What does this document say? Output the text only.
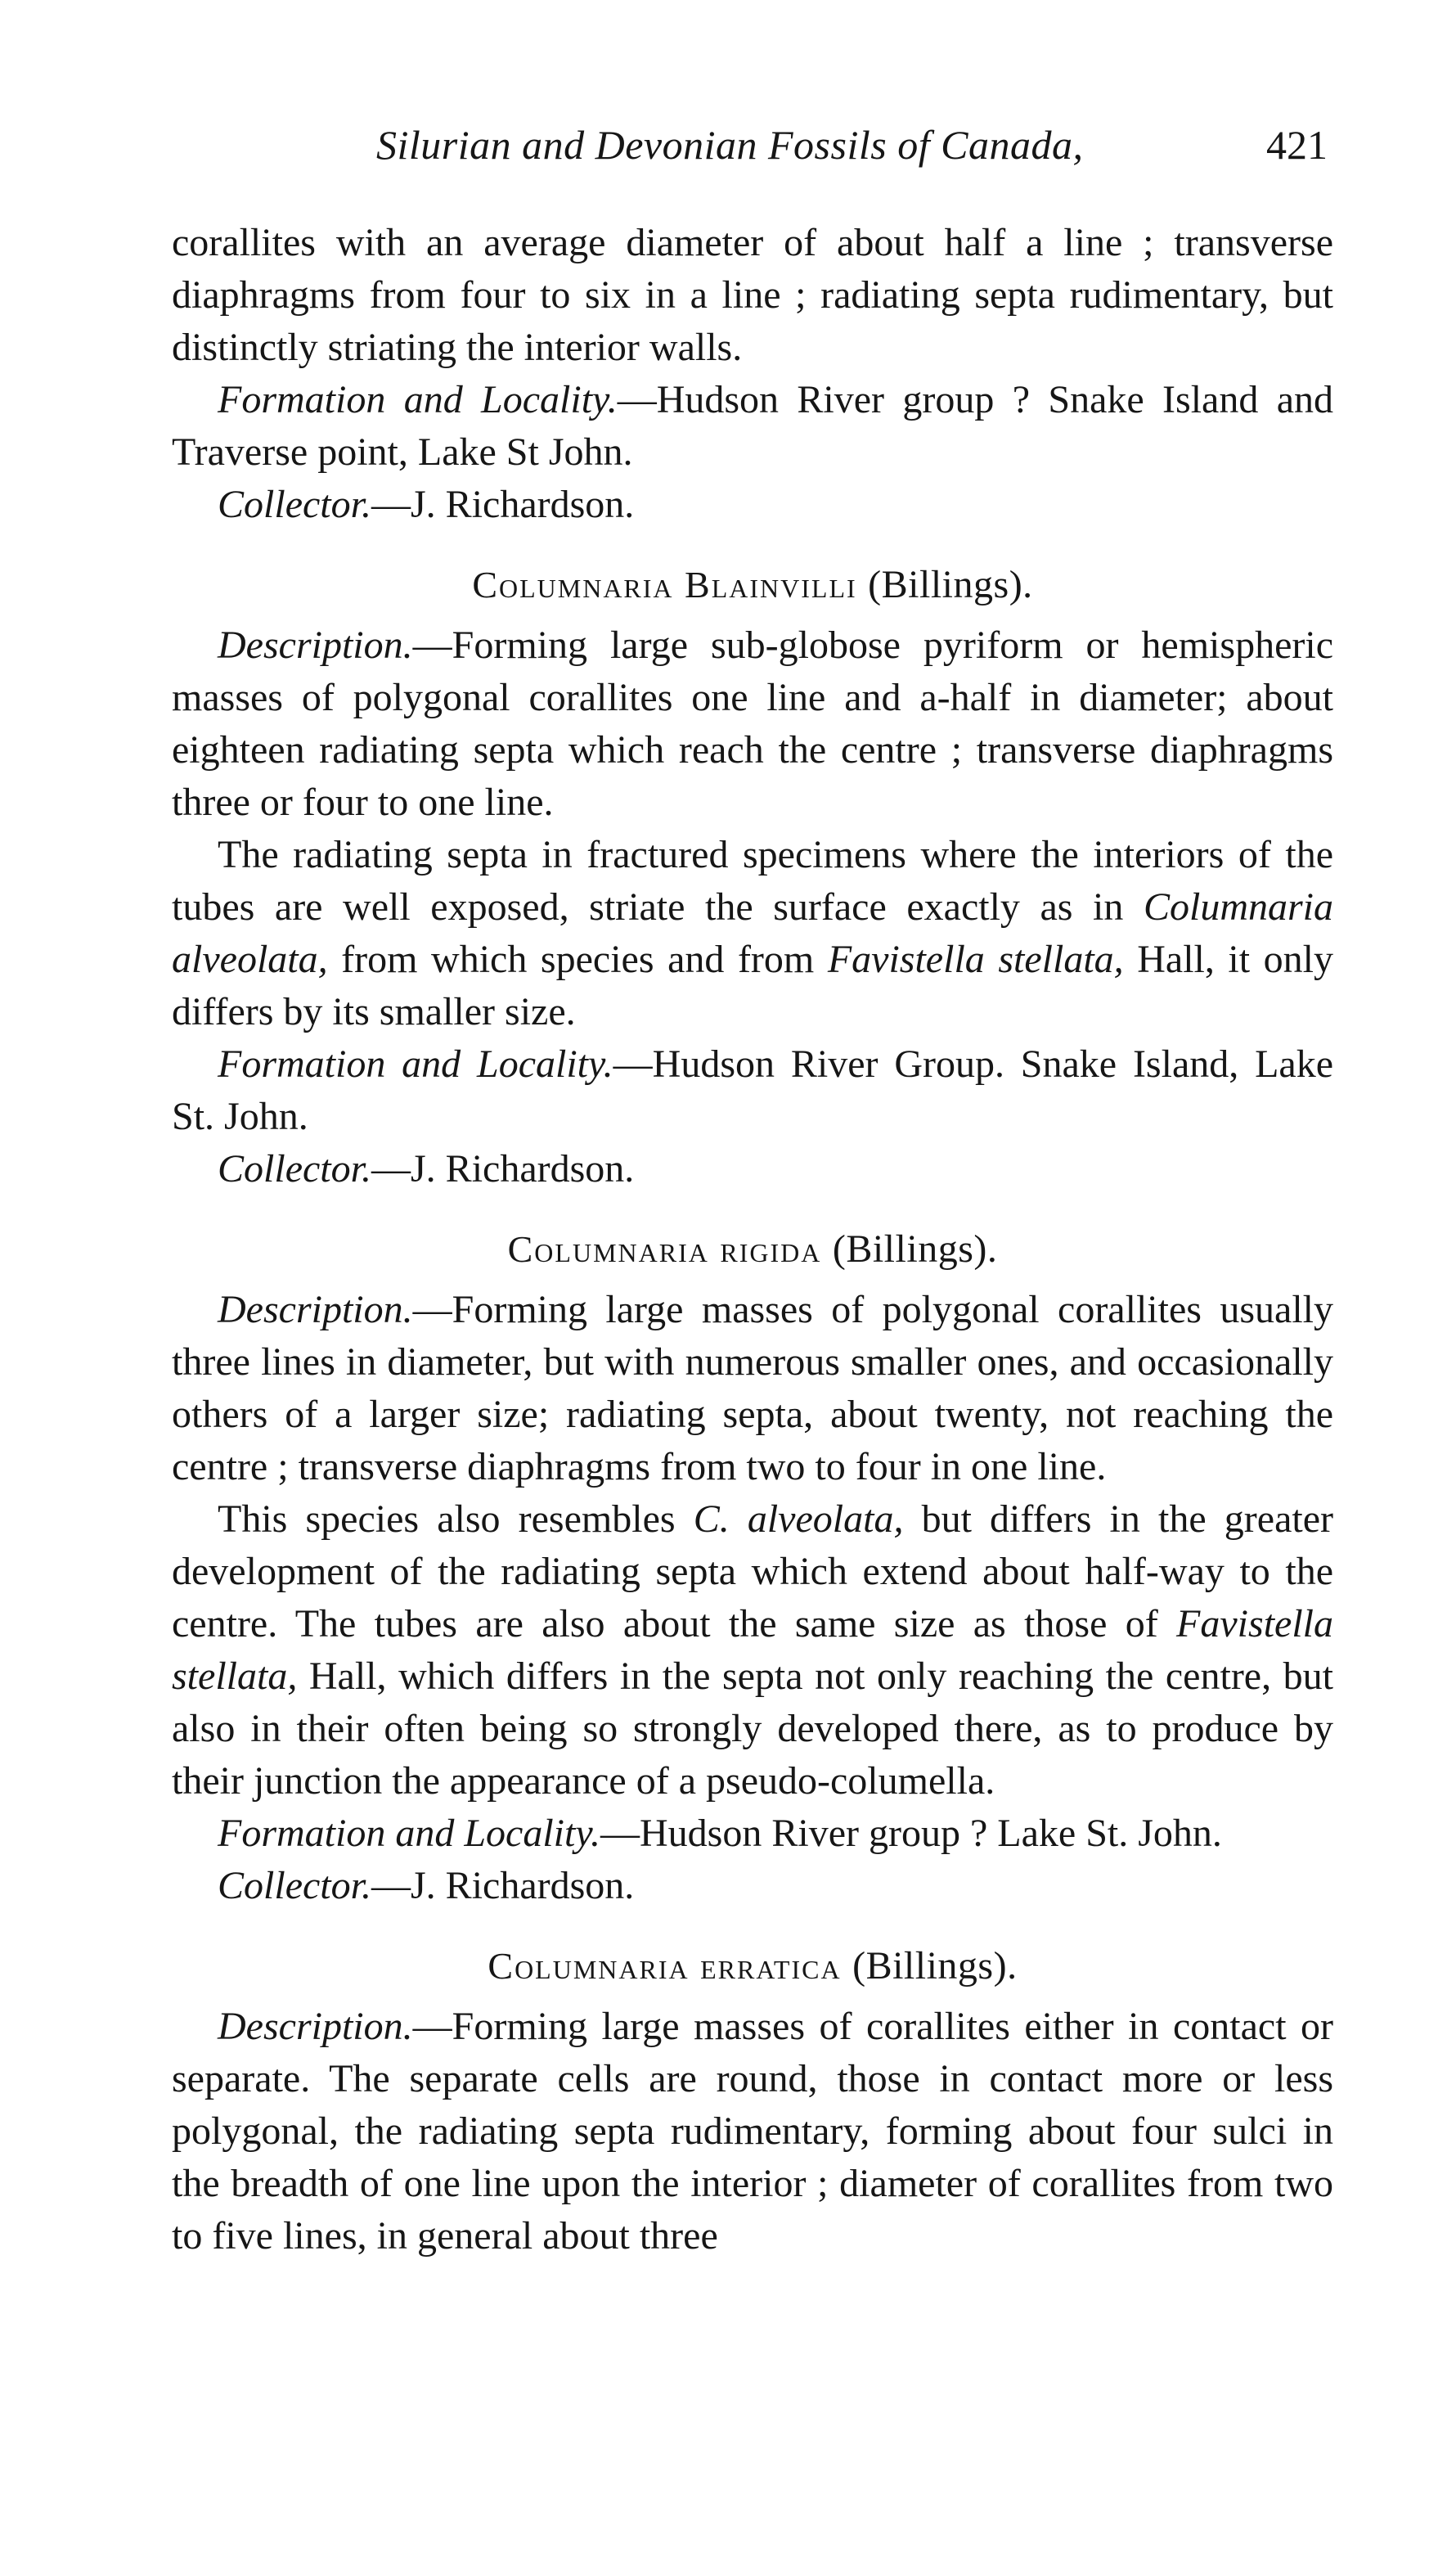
Silurian and Devonian Fossils of Canada,	421

corallites with an average diameter of about half a line ; transverse diaphragms from four to six in a line ; radiating septa rudimentary, but distinctly striating the interior walls.

Formation and Locality.—Hudson River group ? Snake Island and Traverse point, Lake St John.

Collector.—J. Richardson.

Columnaria Blainvilli (Billings).

Description.—Forming large sub-globose pyriform or hemispheric masses of polygonal corallites one line and a-half in diameter; about eighteen radiating septa which reach the centre ; transverse diaphragms three or four to one line.

The radiating septa in fractured specimens where the interiors of the tubes are well exposed, striate the surface exactly as in Columnaria alveolata, from which species and from Favistella stellata, Hall, it only differs by its smaller size.

Formation and Locality.—Hudson River Group. Snake Island, Lake St. John.

Collector.—J. Richardson.

Columnaria rigida (Billings).

Description.—Forming large masses of polygonal corallites usually three lines in diameter, but with numerous smaller ones, and occasionally others of a larger size; radiating septa, about twenty, not reaching the centre ; transverse diaphragms from two to four in one line.

This species also resembles C. alveolata, but differs in the greater development of the radiating septa which extend about half-way to the centre. The tubes are also about the same size as those of Favistella stellata, Hall, which differs in the septa not only reaching the centre, but also in their often being so strongly developed there, as to produce by their junction the appearance of a pseudo-columella.

Formation and Locality.—Hudson River group ? Lake St. John.

Collector.—J. Richardson.

Columnaria erratica (Billings).

Description.—Forming large masses of corallites either in contact or separate. The separate cells are round, those in contact more or less polygonal, the radiating septa rudimentary, forming about four sulci in the breadth of one line upon the interior ; diameter of corallites from two to five lines, in general about three
